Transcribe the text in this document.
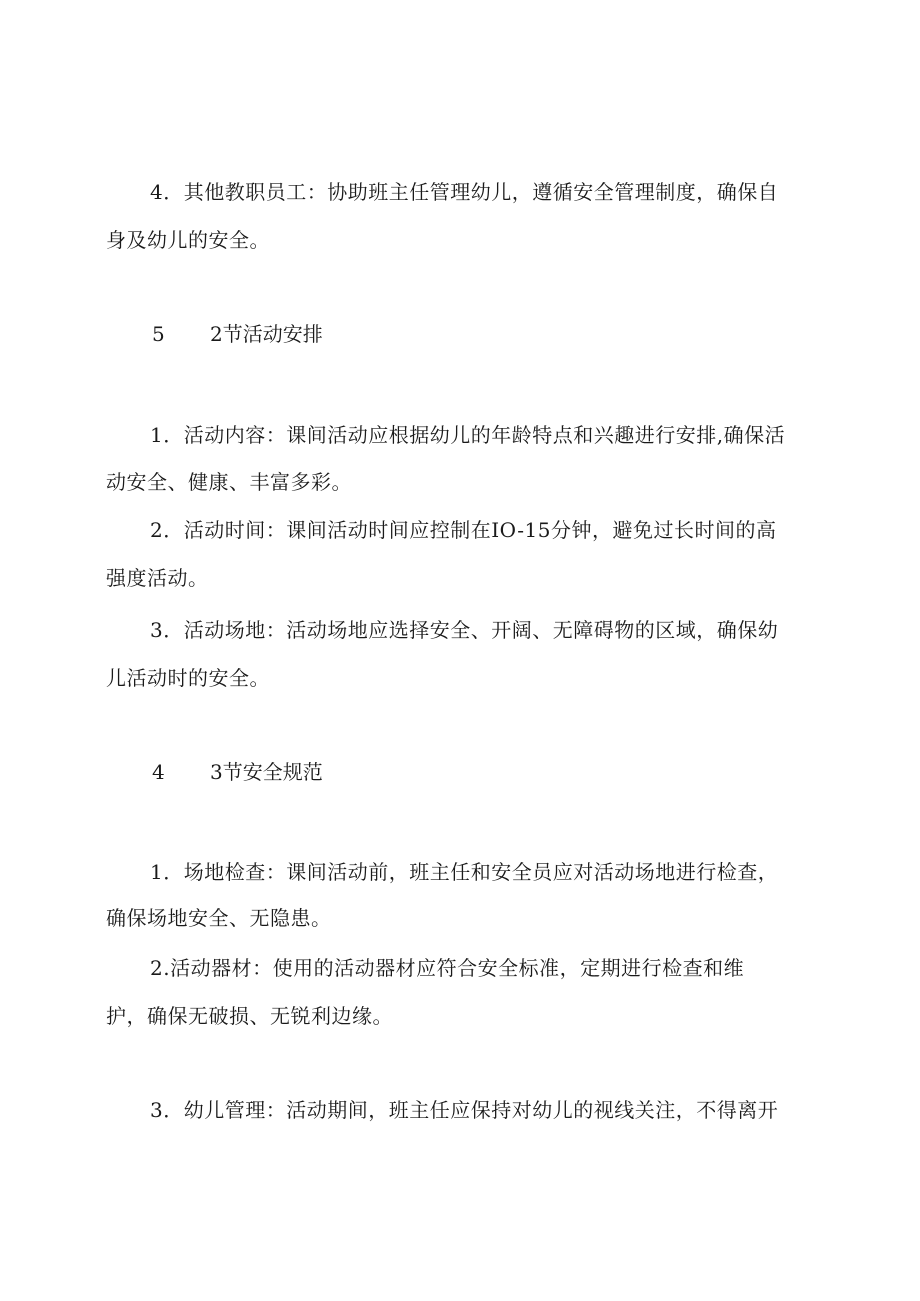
4．其他教职员工：协助班主任管理幼儿，遵循安全管理制度，确保自
身及幼儿的安全。
5 2节活动安排
1．活动内容：课间活动应根据幼儿的年龄特点和兴趣进行安排,确保活
动安全、健康、丰富多彩。
2．活动时间：课间活动时间应控制在IO-15分钟，避免过长时间的高
强度活动。
3．活动场地：活动场地应选择安全、开阔、无障碍物的区域，确保幼
儿活动时的安全。
4 3节安全规范
1．场地检查：课间活动前，班主任和安全员应对活动场地进行检查，
确保场地安全、无隐患。
2.活动器材：使用的活动器材应符合安全标准，定期进行检查和维
护，确保无破损、无锐利边缘。
3．幼儿管理：活动期间，班主任应保持对幼儿的视线关注，不得离开
